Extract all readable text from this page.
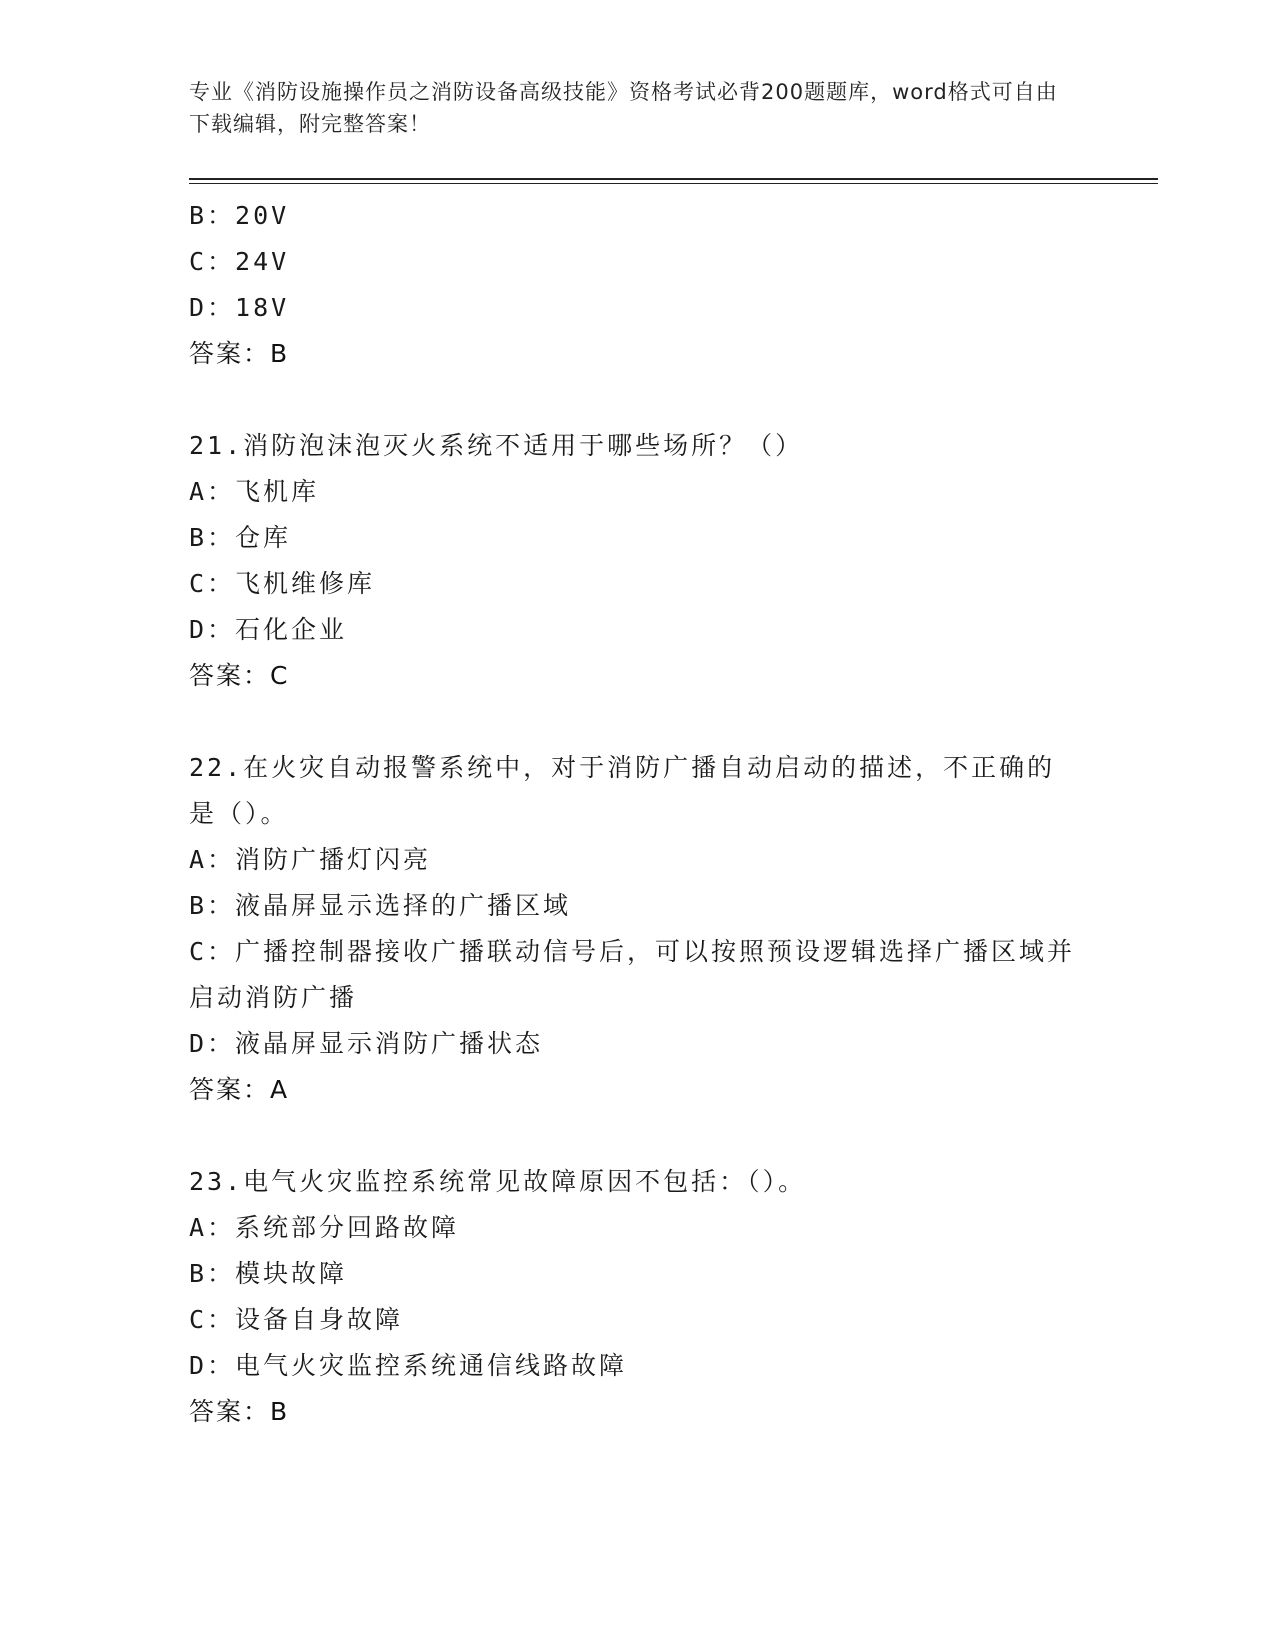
专业《消防设施操作员之消防设备高级技能》资格考试必背200题题库，word格式可自由下载编辑，附完整答案！
B：20V
C：24V
D：18V
答案：B
21.消防泡沫泡灭火系统不适用于哪些场所？（）
A：飞机库
B：仓库
C：飞机维修库
D：石化企业
答案：C
22.在火灾自动报警系统中，对于消防广播自动启动的描述，不正确的是（）。
A：消防广播灯闪亮
B：液晶屏显示选择的广播区域
C：广播控制器接收广播联动信号后，可以按照预设逻辑选择广播区域并启动消防广播
D：液晶屏显示消防广播状态
答案：A
23.电气火灾监控系统常见故障原因不包括：（）。
A：系统部分回路故障
B：模块故障
C：设备自身故障
D：电气火灾监控系统通信线路故障
答案：B
